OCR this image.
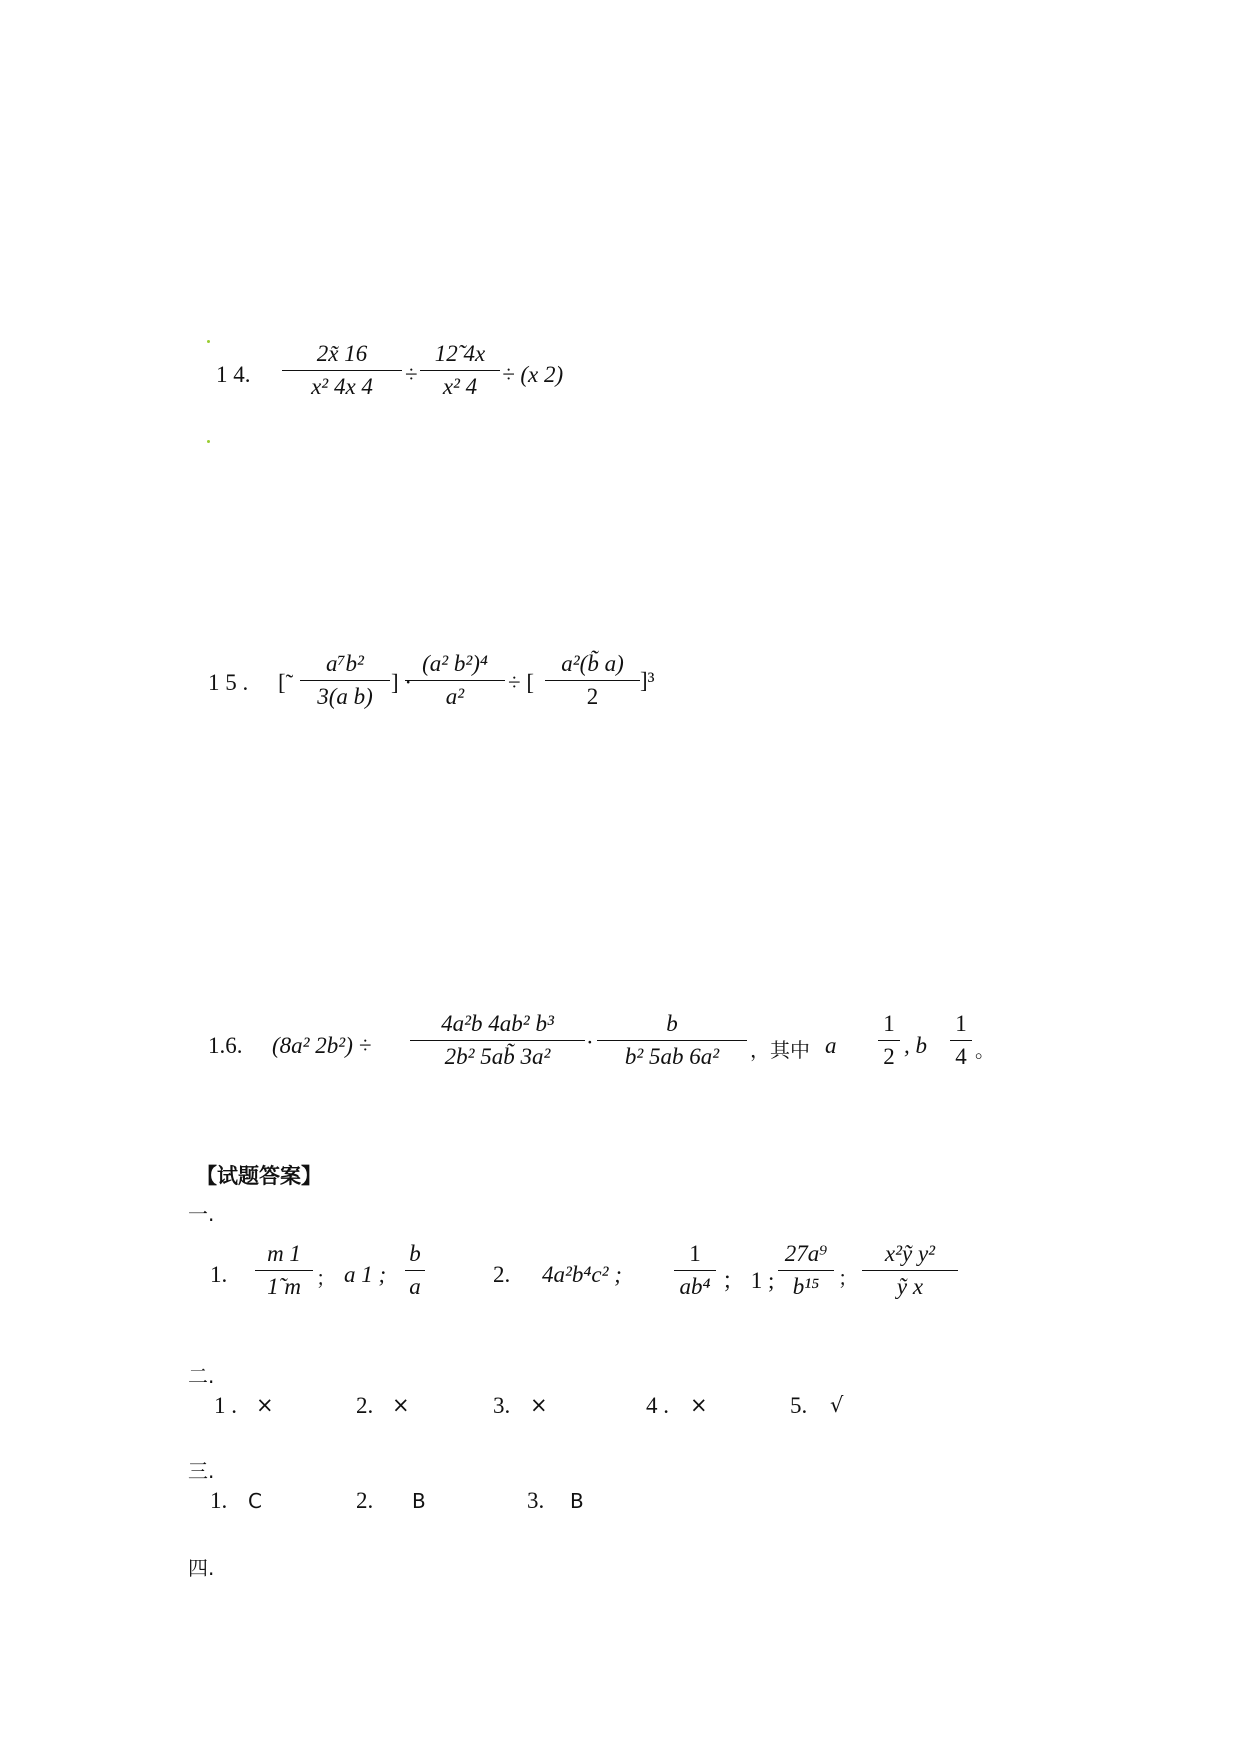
1 4.
2x̃ 16
x² 4x 4	÷
12̃ 4x
x² 4	÷ (x 2)
1 5 . [̃
a⁷b²
3(a b)
] ·
(a² b²)⁴
a²
÷ [
a²(b̃ a)
2
]³
1.6. (8a² 2b²) ÷
4a²b 4ab² b³
2b² 5ab̃ 3a²
·
b
b² 5ab 6a²	，其中 a
1
2 , b
1
4 。
【试题答案】
一.
1.
m 1
1̃ m ； a 1 ;
b
a	2. 4a²b⁴c² ;
1
ab⁴ ； 1 ;
27a⁹
b¹⁵ ；
x²ỹ y²
ỹ x
二.
1 . ×	2. ×	3. ×	4 . ×	5. √
三.
1. C	2. B	3. B
四.
